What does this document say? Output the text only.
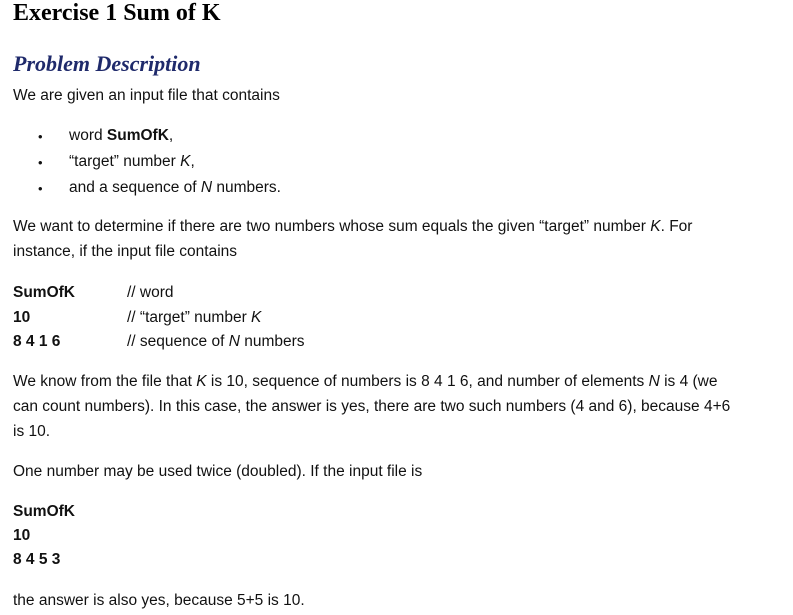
Exercise 1 Sum of K
Problem Description
We are given an input file that contains
• word SumOfK,
• “target” number K,
• and a sequence of N numbers.
We want to determine if there are two numbers whose sum equals the given “target” number K. For
instance, if the input file contains
SumOfK	// word
10	// “target” number K
8 4 1 6	// sequence of N numbers
We know from the file that K is 10, sequence of numbers is 8 4 1 6, and number of elements N is 4 (we
can count numbers). In this case, the answer is yes, there are two such numbers (4 and 6), because 4+6
is 10.
One number may be used twice (doubled). If the input file is
SumOfK
10
8 4 5 3
the answer is also yes, because 5+5 is 10.
